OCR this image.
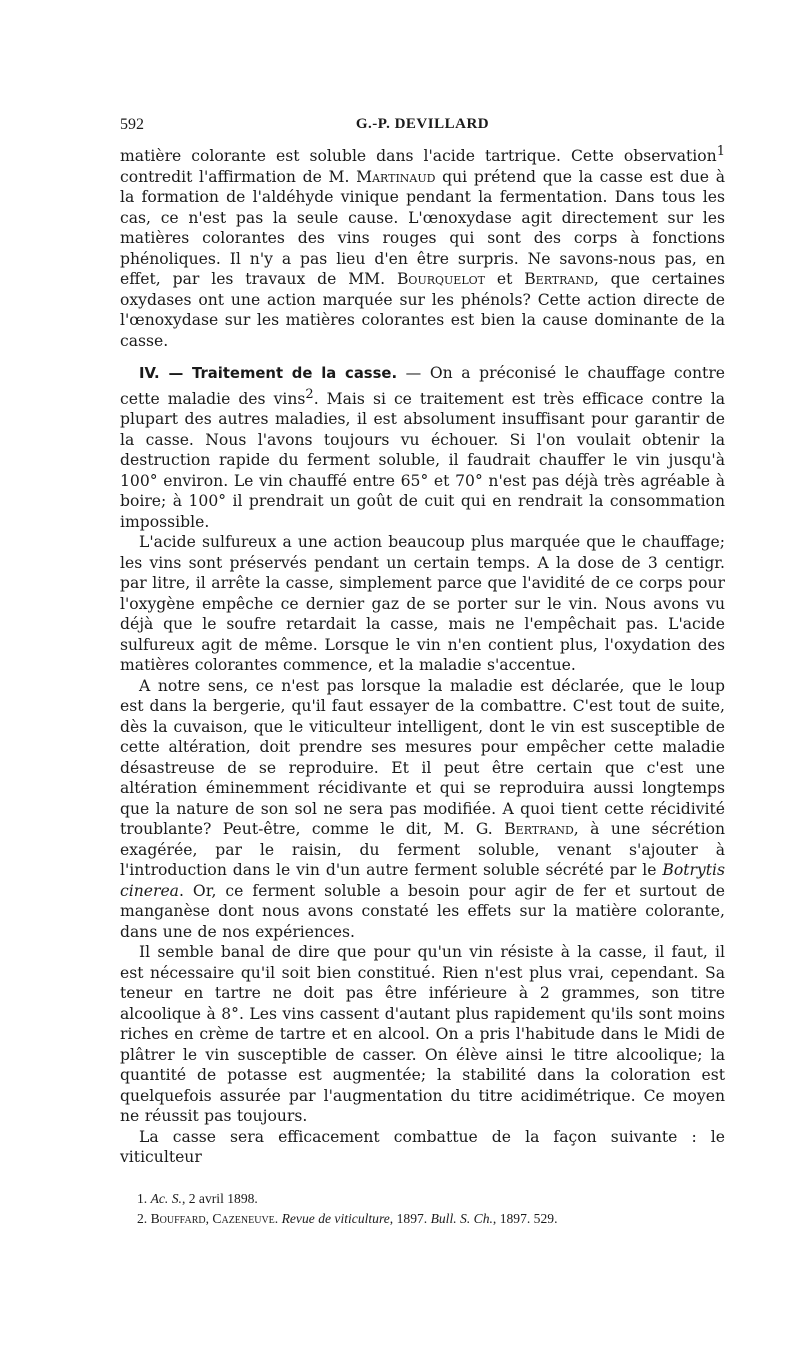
592	G.-P. DEVILLARD

matière colorante est soluble dans l'acide tartrique. Cette observation$^1$ contredit l'affirmation de M. Martinaud qui prétend que la casse est due à la formation de l'aldéhyde vinique pendant la fermentation. Dans tous les cas, ce n'est pas la seule cause. L'œnoxydase agit directement sur les matières colorantes des vins rouges qui sont des corps à fonctions phénoliques. Il n'y a pas lieu d'en être surpris. Ne savons-nous pas, en effet, par les travaux de MM. Bourquelot et Bertrand, que certaines oxydases ont une action marquée sur les phénols? Cette action directe de l'œnoxydase sur les matières colorantes est bien la cause dominante de la casse.

IV. — Traitement de la casse. — On a préconisé le chauffage contre cette maladie des vins$^2$. Mais si ce traitement est très efficace contre la plupart des autres maladies, il est absolument insuffisant pour garantir de la casse. Nous l'avons toujours vu échouer. Si l'on voulait obtenir la destruction rapide du ferment soluble, il faudrait chauffer le vin jusqu'à 100° environ. Le vin chauffé entre 65° et 70° n'est pas déjà très agréable à boire; à 100° il prendrait un goût de cuit qui en rendrait la consommation impossible.

L'acide sulfureux a une action beaucoup plus marquée que le chauffage; les vins sont préservés pendant un certain temps. A la dose de 3 centigr. par litre, il arrête la casse, simplement parce que l'avidité de ce corps pour l'oxygène empêche ce dernier gaz de se porter sur le vin. Nous avons vu déjà que le soufre retardait la casse, mais ne l'empêchait pas. L'acide sulfureux agit de même. Lorsque le vin n'en contient plus, l'oxydation des matières colorantes commence, et la maladie s'accentue.

A notre sens, ce n'est pas lorsque la maladie est déclarée, que le loup est dans la bergerie, qu'il faut essayer de la combattre. C'est tout de suite, dès la cuvaison, que le viticulteur intelligent, dont le vin est susceptible de cette altération, doit prendre ses mesures pour empêcher cette maladie désastreuse de se reproduire. Et il peut être certain que c'est une altération éminemment récidivante et qui se reproduira aussi longtemps que la nature de son sol ne sera pas modifiée. A quoi tient cette récidivité troublante? Peut-être, comme le dit, M. G. Bertrand, à une sécrétion exagérée, par le raisin, du ferment soluble, venant s'ajouter à l'introduction dans le vin d'un autre ferment soluble sécrété par le Botrytis cinerea. Or, ce ferment soluble a besoin pour agir de fer et surtout de manganèse dont nous avons constaté les effets sur la matière colorante, dans une de nos expériences.

Il semble banal de dire que pour qu'un vin résiste à la casse, il faut, il est nécessaire qu'il soit bien constitué. Rien n'est plus vrai, cependant. Sa teneur en tartre ne doit pas être inférieure à 2 grammes, son titre alcoolique à 8°. Les vins cassent d'autant plus rapidement qu'ils sont moins riches en crème de tartre et en alcool. On a pris l'habitude dans le Midi de plâtrer le vin susceptible de casser. On élève ainsi le titre alcoolique; la quantité de potasse est augmentée; la stabilité dans la coloration est quelquefois assurée par l'augmentation du titre acidimétrique. Ce moyen ne réussit pas toujours.

La casse sera efficacement combattue de la façon suivante : le viticulteur

1. Ac. S., 2 avril 1898.

2. Bouffard, Cazeneuve. Revue de viticulture, 1897. Bull. S. Ch., 1897. 529.
